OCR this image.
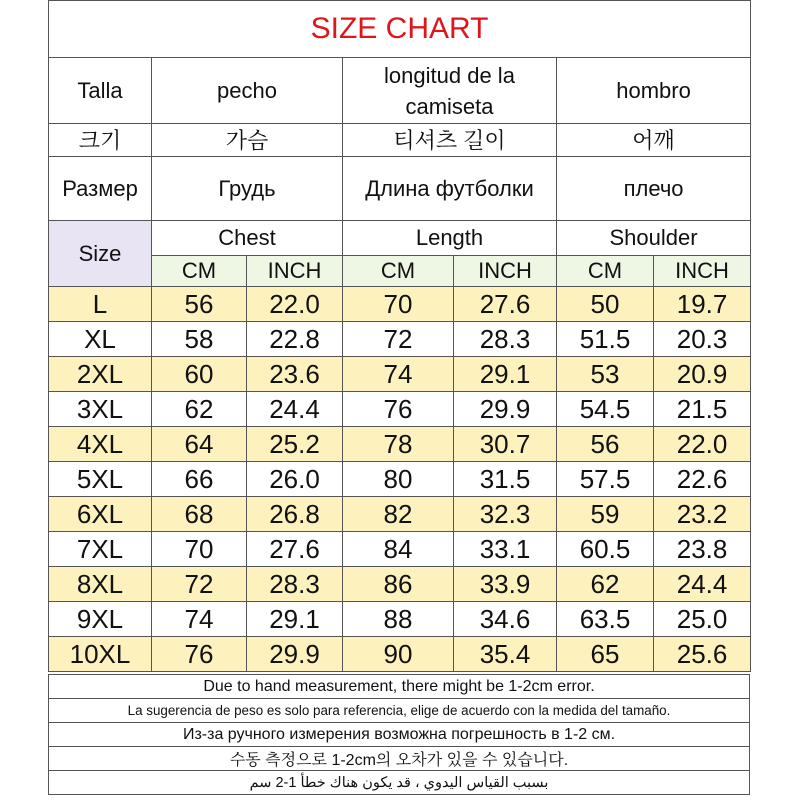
SIZE CHART						
Talla	pecho		longitud de la camiseta		hombro	
크기	가슴		티셔츠 길이		어깨	
Размер	Грудь		Длина футболки		плечо	
Size	Chest		Length		Shoulder	
	CM	INCH	CM	INCH	CM	INCH
L	56	22.0	70	27.6	50	19.7
XL	58	22.8	72	28.3	51.5	20.3
2XL	60	23.6	74	29.1	53	20.9
3XL	62	24.4	76	29.9	54.5	21.5
4XL	64	25.2	78	30.7	56	22.0
5XL	66	26.0	80	31.5	57.5	22.6
6XL	68	26.8	82	32.3	59	23.2
7XL	70	27.6	84	33.1	60.5	23.8
8XL	72	28.3	86	33.9	62	24.4
9XL	74	29.1	88	34.6	63.5	25.0
10XL	76	29.9	90	35.4	65	25.6
Due to hand measurement, there might be 1-2cm error.
La sugerencia de peso es solo para referencia, elige de acuerdo con la medida del tamaño.
Из-за ручного измерения возможна погрешность в 1-2 см.
수동 측정으로 1-2cm의 오차가 있을 수 있습니다.
بسبب القياس اليدوي ، قد يكون هناك خطأ 1-2 سم
